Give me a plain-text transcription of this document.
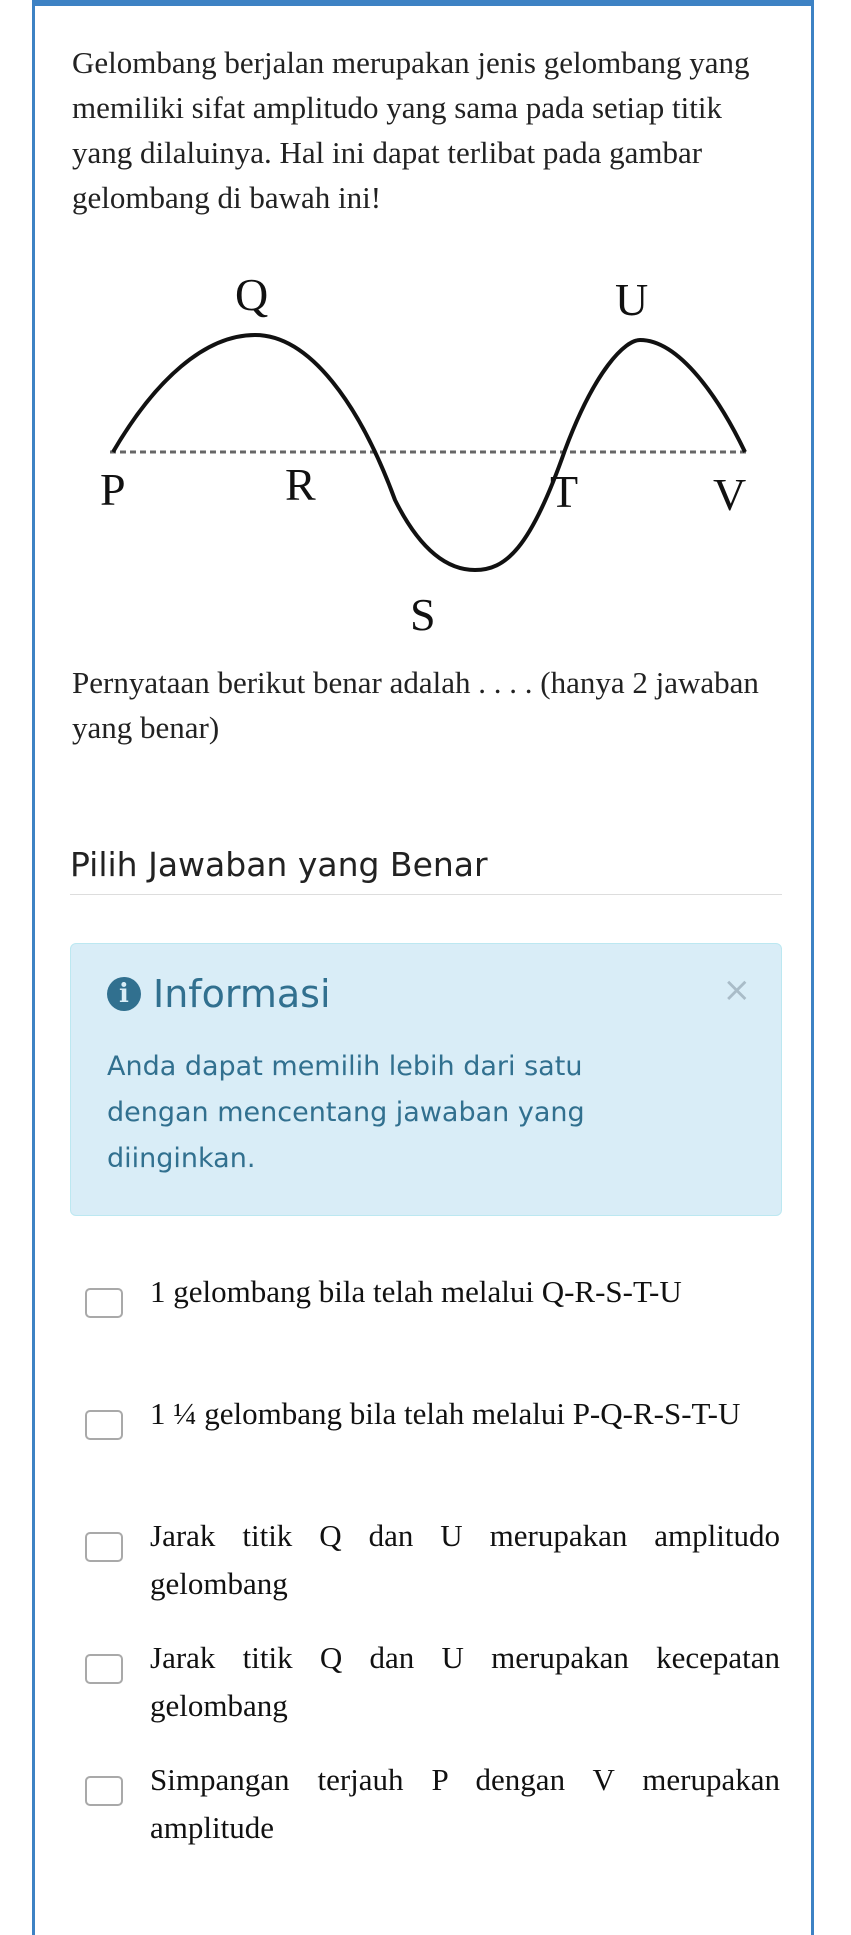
Gelombang berjalan merupakan jenis gelombang yang memiliki sifat amplitudo yang sama pada setiap titik yang dilaluinya. Hal ini dapat terlibat pada gambar gelombang di bawah ini!
Q	U
P	R	T	V
S
Pernyataan berikut benar adalah . . . . (hanya 2 jawaban yang benar)
Pilih Jawaban yang Benar
i Informasi	×
Anda dapat memilih lebih dari satu dengan mencentang jawaban yang diinginkan.
1 gelombang bila telah melalui Q-R-S-T-U
1 ¼ gelombang bila telah melalui P-Q-R-S-T-U
Jarak titik Q dan U merupakan amplitudo gelombang
Jarak titik Q dan U merupakan kecepatan gelombang
Simpangan terjauh P dengan V merupakan amplitude
